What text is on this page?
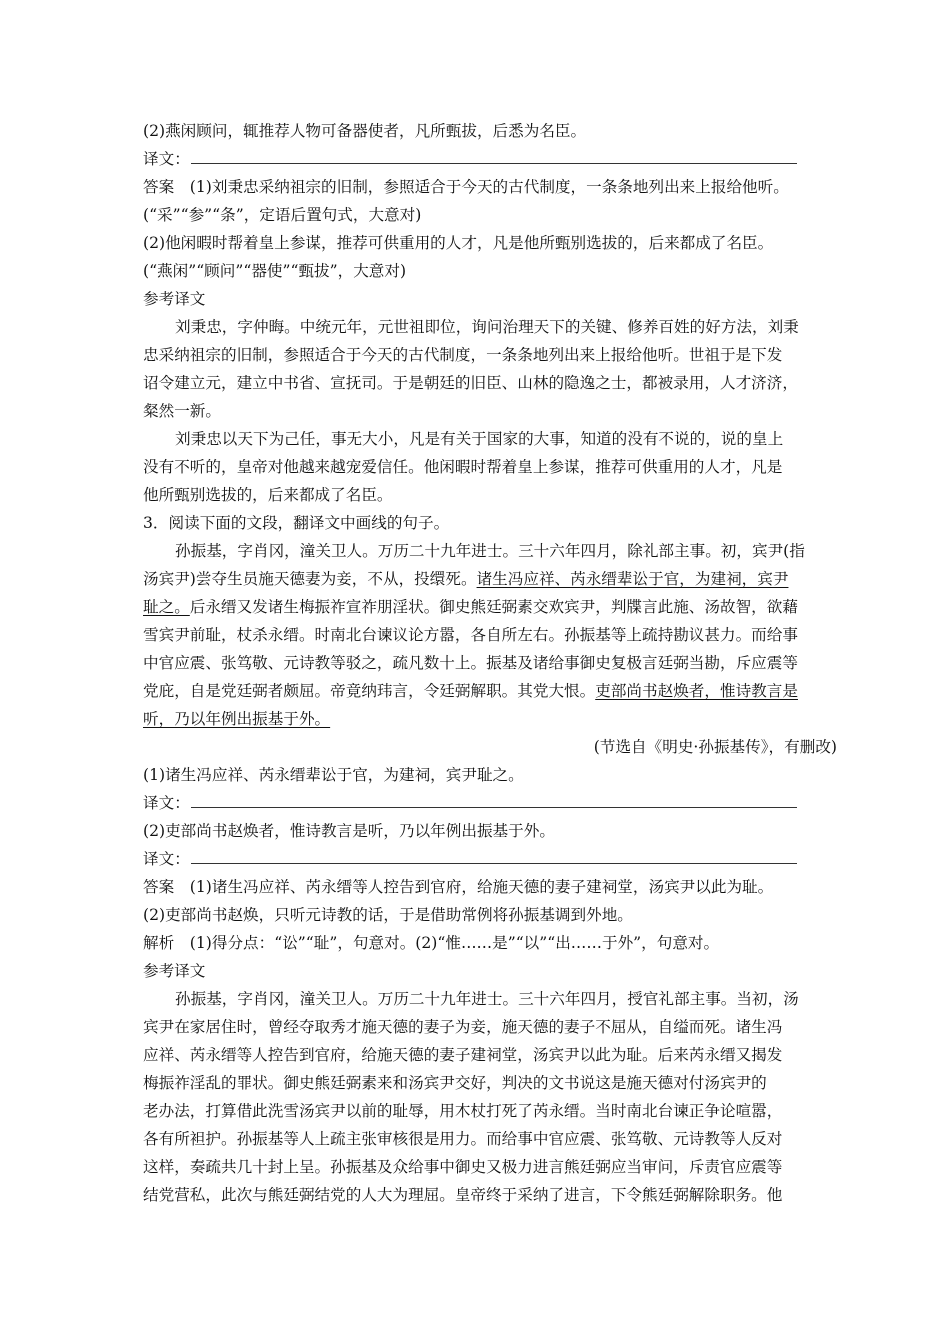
(2)燕闲顾问，辄推荐人物可备器使者，凡所甄拔，后悉为名臣。
译文：
答案　(1)刘秉忠采纳祖宗的旧制，参照适合于今天的古代制度，一条条地列出来上报给他听。
(“采”“参”“条”，定语后置句式，大意对)
(2)他闲暇时帮着皇上参谋，推荐可供重用的人才，凡是他所甄别选拔的，后来都成了名臣。
(“燕闲”“顾问”“器使”“甄拔”，大意对)
参考译文
刘秉忠，字仲晦。中统元年，元世祖即位，询问治理天下的关键、修养百姓的好方法，刘秉
忠采纳祖宗的旧制，参照适合于今天的古代制度，一条条地列出来上报给他听。世祖于是下发
诏令建立元，建立中书省、宣抚司。于是朝廷的旧臣、山林的隐逸之士，都被录用，人才济济，
粲然一新。
刘秉忠以天下为己任，事无大小，凡是有关于国家的大事，知道的没有不说的，说的皇上
没有不听的，皇帝对他越来越宠爱信任。他闲暇时帮着皇上参谋，推荐可供重用的人才，凡是
他所甄别选拔的，后来都成了名臣。
3．阅读下面的文段，翻译文中画线的句子。
孙振基，字肖冈，潼关卫人。万历二十九年进士。三十六年四月，除礼部主事。初，宾尹(指
汤宾尹)尝夺生员施天德妻为妾，不从，投缳死。诸生冯应祥、芮永缙辈讼于官，为建祠，宾尹
耻之。后永缙又发诸生梅振祚宣祚朋淫状。御史熊廷弼素交欢宾尹，判牒言此施、汤故智，欲藉
雪宾尹前耻，杖杀永缙。时南北台谏议论方嚣，各自所左右。孙振基等上疏持勘议甚力。而给事
中官应震、张笃敬、元诗教等驳之，疏凡数十上。振基及诸给事御史复极言廷弼当勘，斥应震等
党庇，自是党廷弼者颇屈。帝竟纳玮言，令廷弼解职。其党大恨。吏部尚书赵焕者，惟诗教言是
听，乃以年例出振基于外。
(节选自《明史·孙振基传》，有删改)
(1)诸生冯应祥、芮永缙辈讼于官，为建祠，宾尹耻之。
译文：
(2)吏部尚书赵焕者，惟诗教言是听，乃以年例出振基于外。
译文：
答案　(1)诸生冯应祥、芮永缙等人控告到官府，给施天德的妻子建祠堂，汤宾尹以此为耻。
(2)吏部尚书赵焕，只听元诗教的话，于是借助常例将孙振基调到外地。
解析　(1)得分点：“讼”“耻”，句意对。(2)“惟……是”“以”“出……于外”，句意对。
参考译文
孙振基，字肖冈，潼关卫人。万历二十九年进士。三十六年四月，授官礼部主事。当初，汤
宾尹在家居住时，曾经夺取秀才施天德的妻子为妾，施天德的妻子不屈从，自缢而死。诸生冯
应祥、芮永缙等人控告到官府，给施天德的妻子建祠堂，汤宾尹以此为耻。后来芮永缙又揭发
梅振祚淫乱的罪状。御史熊廷弼素来和汤宾尹交好，判决的文书说这是施天德对付汤宾尹的
老办法，打算借此洗雪汤宾尹以前的耻辱，用木杖打死了芮永缙。当时南北台谏正争论喧嚣，
各有所袒护。孙振基等人上疏主张审核很是用力。而给事中官应震、张笃敬、元诗教等人反对
这样，奏疏共几十封上呈。孙振基及众给事中御史又极力进言熊廷弼应当审问，斥责官应震等
结党营私，此次与熊廷弼结党的人大为理屈。皇帝终于采纳了进言，下令熊廷弼解除职务。他
